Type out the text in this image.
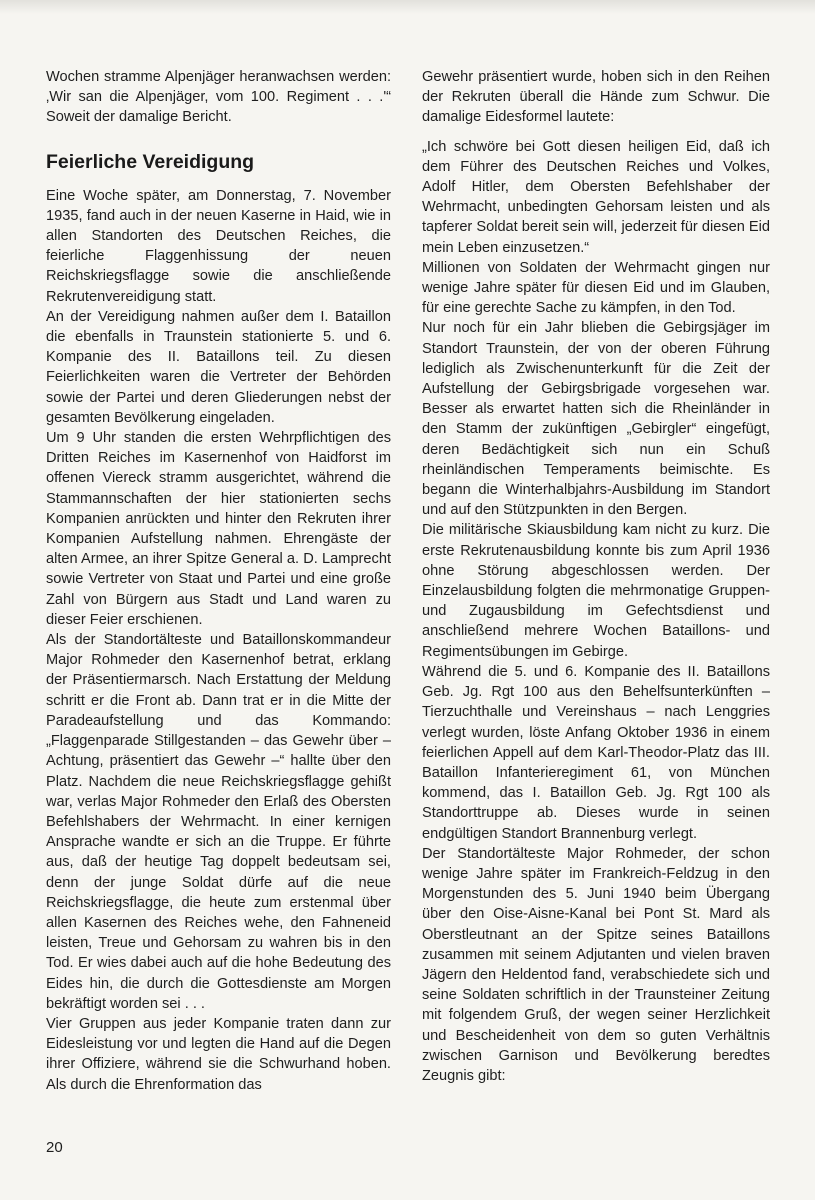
Wochen stramme Alpenjäger heranwachsen werden: ‚Wir san die Alpenjäger, vom 100. Regiment . . .'“ Soweit der damalige Bericht.

Feierliche Vereidigung

Eine Woche später, am Donnerstag, 7. November 1935, fand auch in der neuen Kaserne in Haid, wie in allen Standorten des Deutschen Reiches, die feierliche Flaggenhissung der neuen Reichskriegsflagge sowie die anschließende Rekrutenvereidigung statt.

An der Vereidigung nahmen außer dem I. Bataillon die ebenfalls in Traunstein stationierte 5. und 6. Kompanie des II. Bataillons teil. Zu diesen Feierlichkeiten waren die Vertreter der Behörden sowie der Partei und deren Gliederungen nebst der gesamten Bevölkerung eingeladen.

Um 9 Uhr standen die ersten Wehrpflichtigen des Dritten Reiches im Kasernenhof von Haidforst im offenen Viereck stramm ausgerichtet, während die Stammannschaften der hier stationierten sechs Kompanien anrückten und hinter den Rekruten ihrer Kompanien Aufstellung nahmen. Ehrengäste der alten Armee, an ihrer Spitze General a. D. Lamprecht sowie Vertreter von Staat und Partei und eine große Zahl von Bürgern aus Stadt und Land waren zu dieser Feier erschienen.

Als der Standortälteste und Bataillonskommandeur Major Rohmeder den Kasernenhof betrat, erklang der Präsentiermarsch. Nach Erstattung der Meldung schritt er die Front ab. Dann trat er in die Mitte der Paradeaufstellung und das Kommando: „Flaggenparade Stillgestanden – das Gewehr über – Achtung, präsentiert das Gewehr –“ hallte über den Platz. Nachdem die neue Reichskriegsflagge gehißt war, verlas Major Rohmeder den Erlaß des Obersten Befehlshabers der Wehrmacht. In einer kernigen Ansprache wandte er sich an die Truppe. Er führte aus, daß der heutige Tag doppelt bedeutsam sei, denn der junge Soldat dürfe auf die neue Reichskriegsflagge, die heute zum erstenmal über allen Kasernen des Reiches wehe, den Fahneneid leisten, Treue und Gehorsam zu wahren bis in den Tod. Er wies dabei auch auf die hohe Bedeutung des Eides hin, die durch die Gottesdienste am Morgen bekräftigt worden sei . . .

Vier Gruppen aus jeder Kompanie traten dann zur Eidesleistung vor und legten die Hand auf die Degen ihrer Offiziere, während sie die Schwurhand hoben. Als durch die Ehrenformation das

Gewehr präsentiert wurde, hoben sich in den Reihen der Rekruten überall die Hände zum Schwur. Die damalige Eidesformel lautete:

„Ich schwöre bei Gott diesen heiligen Eid, daß ich dem Führer des Deutschen Reiches und Volkes, Adolf Hitler, dem Obersten Befehlshaber der Wehrmacht, unbedingten Gehorsam leisten und als tapferer Soldat bereit sein will, jederzeit für diesen Eid mein Leben einzusetzen.“

Millionen von Soldaten der Wehrmacht gingen nur wenige Jahre später für diesen Eid und im Glauben, für eine gerechte Sache zu kämpfen, in den Tod.

Nur noch für ein Jahr blieben die Gebirgsjäger im Standort Traunstein, der von der oberen Führung lediglich als Zwischenunterkunft für die Zeit der Aufstellung der Gebirgsbrigade vorgesehen war. Besser als erwartet hatten sich die Rheinländer in den Stamm der zukünftigen „Gebirgler“ eingefügt, deren Bedächtigkeit sich nun ein Schuß rheinländischen Temperaments beimischte. Es begann die Winterhalbjahrs-Ausbildung im Standort und auf den Stützpunkten in den Bergen.

Die militärische Skiausbildung kam nicht zu kurz. Die erste Rekrutenausbildung konnte bis zum April 1936 ohne Störung abgeschlossen werden. Der Einzelausbildung folgten die mehrmonatige Gruppen- und Zugausbildung im Gefechtsdienst und anschließend mehrere Wochen Bataillons- und Regimentsübungen im Gebirge.

Während die 5. und 6. Kompanie des II. Bataillons Geb. Jg. Rgt 100 aus den Behelfsunterkünften – Tierzuchthalle und Vereinshaus – nach Lenggries verlegt wurden, löste Anfang Oktober 1936 in einem feierlichen Appell auf dem Karl-Theodor-Platz das III. Bataillon Infanterieregiment 61, von München kommend, das I. Bataillon Geb. Jg. Rgt 100 als Standorttruppe ab. Dieses wurde in seinen endgültigen Standort Brannenburg verlegt.

Der Standortälteste Major Rohmeder, der schon wenige Jahre später im Frankreich-Feldzug in den Morgenstunden des 5. Juni 1940 beim Übergang über den Oise-Aisne-Kanal bei Pont St. Mard als Oberstleutnant an der Spitze seines Bataillons zusammen mit seinem Adjutanten und vielen braven Jägern den Heldentod fand, verabschiedete sich und seine Soldaten schriftlich in der Traunsteiner Zeitung mit folgendem Gruß, der wegen seiner Herzlichkeit und Bescheidenheit von dem so guten Verhältnis zwischen Garnison und Bevölkerung beredtes Zeugnis gibt:

20
